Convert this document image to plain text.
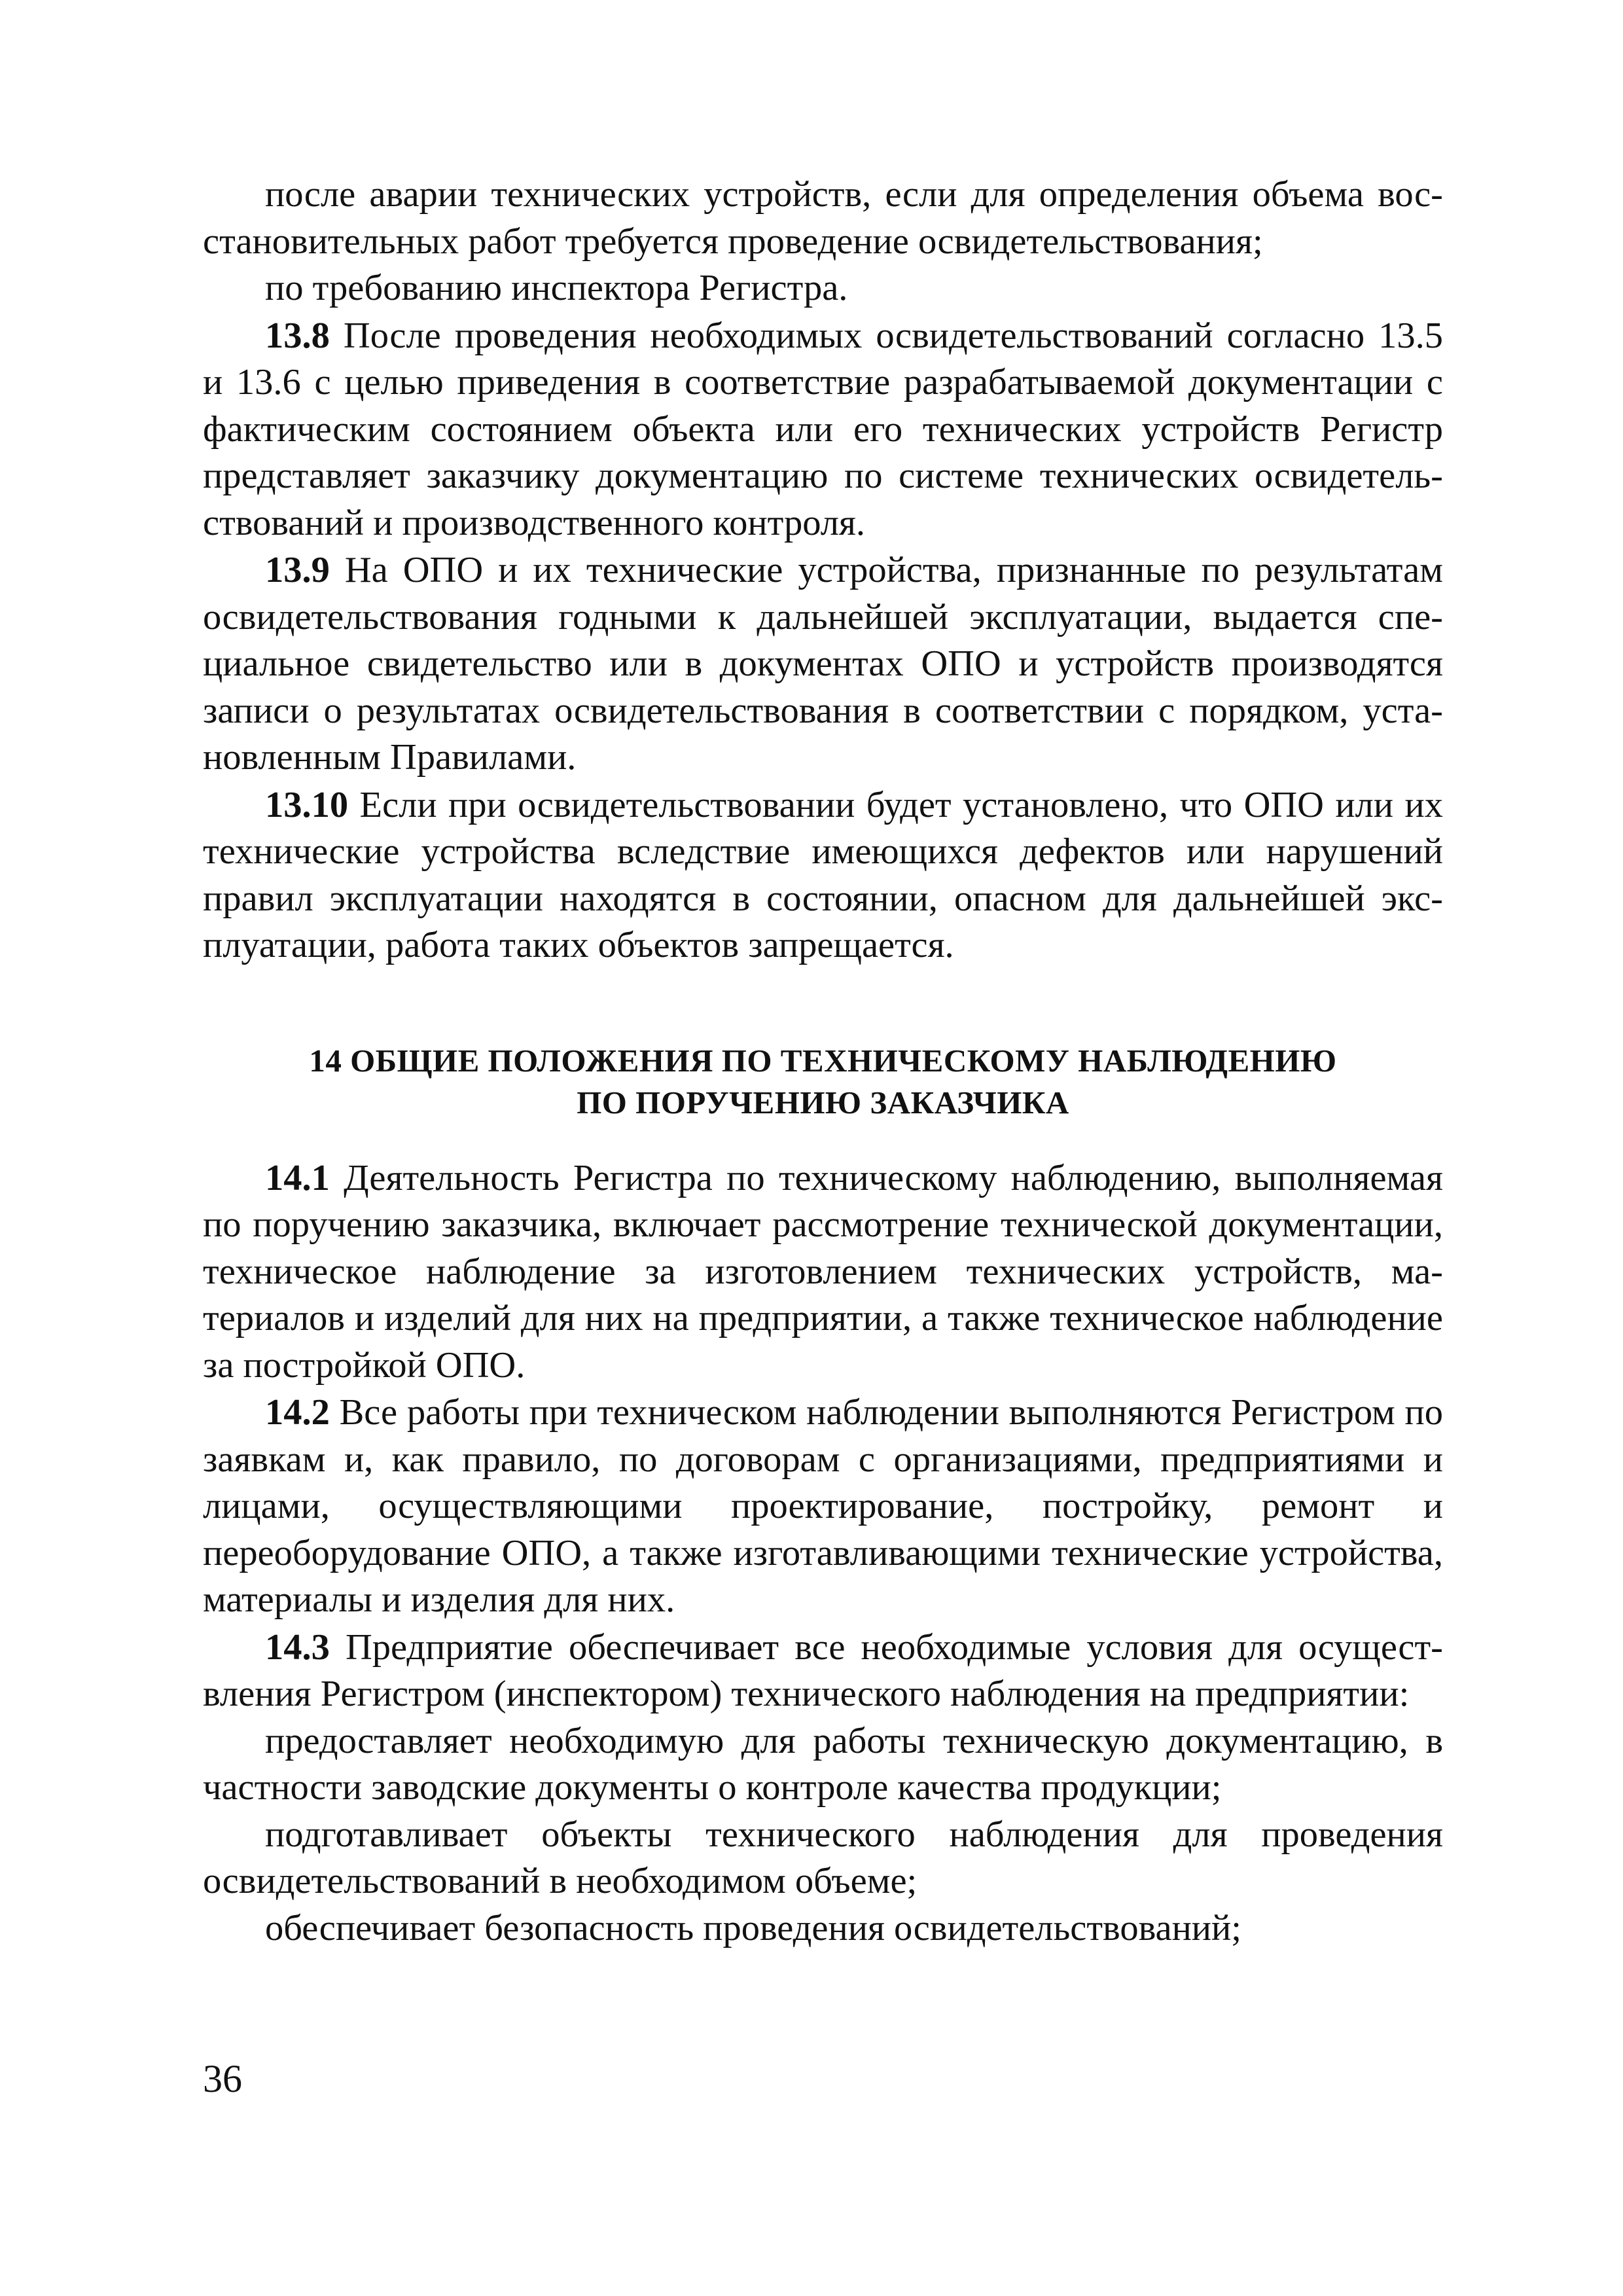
после аварии технических устройств, если для определения объема восстановительных работ требуется проведение освидетельствования;

по требованию инспектора Регистра.

13.8 После проведения необходимых освидетельствований согласно 13.5 и 13.6 с целью приведения в соответствие разрабатываемой документации с фактическим состоянием объекта или его технических устройств Регистр представляет заказчику документацию по системе технических освидетельствований и производственного контроля.

13.9 На ОПО и их технические устройства, признанные по результатам освидетельствования годными к дальнейшей эксплуатации, выдается специальное свидетельство или в документах ОПО и устройств производятся записи о результатах освидетельствования в соответствии с порядком, установленным Правилами.

13.10 Если при освидетельствовании будет установлено, что ОПО или их технические устройства вследствие имеющихся дефектов или нарушений правил эксплуатации находятся в состоянии, опасном для дальнейшей эксплуатации, работа таких объектов запрещается.

14 ОБЩИЕ ПОЛОЖЕНИЯ ПО ТЕХНИЧЕСКОМУ НАБЛЮДЕНИЮ
ПО ПОРУЧЕНИЮ ЗАКАЗЧИКА

14.1 Деятельность Регистра по техническому наблюдению, выполняемая по поручению заказчика, включает рассмотрение технической документации, техническое наблюдение за изготовлением технических устройств, материалов и изделий для них на предприятии, а также техническое наблюдение за постройкой ОПО.

14.2 Все работы при техническом наблюдении выполняются Регистром по заявкам и, как правило, по договорам с организациями, предприятиями и лицами, осуществляющими проектирование, постройку, ремонт и переоборудование ОПО, а также изготавливающими технические устройства, материалы и изделия для них.

14.3 Предприятие обеспечивает все необходимые условия для осуществления Регистром (инспектором) технического наблюдения на предприятии:

предоставляет необходимую для работы техническую документацию, в частности заводские документы о контроле качества продукции;

подготавливает объекты технического наблюдения для проведения освидетельствований в необходимом объеме;

обеспечивает безопасность проведения освидетельствований;

36
